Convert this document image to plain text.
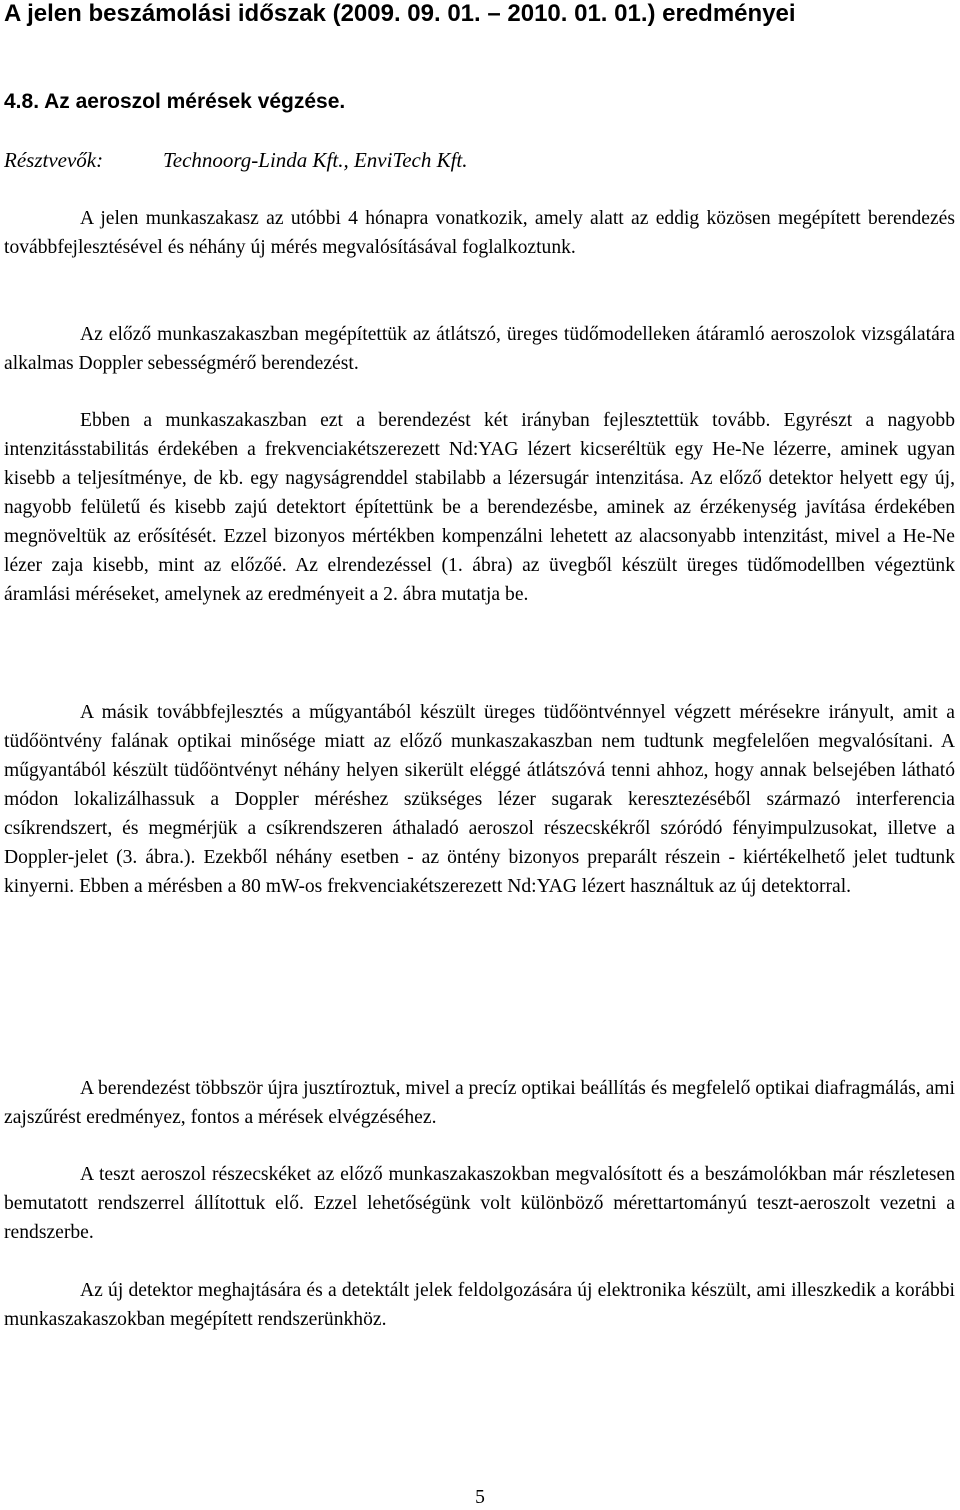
A jelen beszámolási időszak (2009. 09. 01. – 2010. 01. 01.) eredményei
4.8. Az aeroszol mérések végzése.
Résztvevők:	Technoorg-Linda Kft., EnviTech Kft.

A jelen munkaszakasz az utóbbi 4 hónapra vonatkozik, amely alatt az eddig közösen megépített berendezés továbbfejlesztésével és néhány új mérés megvalósításával foglalkoztunk.

Az előző munkaszakaszban megépítettük az átlátszó, üreges tüdőmodelleken átáramló aeroszolok vizsgálatára alkalmas Doppler sebességmérő berendezést.

Ebben a munkaszakaszban ezt a berendezést két irányban fejlesztettük tovább. Egyrészt a nagyobb intenzitásstabilitás érdekében a frekvenciakétszerezett Nd:YAG lézert kicseréltük egy He-Ne lézerre, aminek ugyan kisebb a teljesítménye, de kb. egy nagyságrenddel stabilabb a lézersugár intenzitása. Az előző detektor helyett egy új, nagyobb felületű és kisebb zajú detektort építettünk be a berendezésbe, aminek az érzékenység javítása érdekében megnöveltük az erősítését. Ezzel bizonyos mértékben kompenzálni lehetett az alacsonyabb intenzitást, mivel a He-Ne lézer zaja kisebb, mint az előzőé. Az elrendezéssel (1. ábra) az üvegből készült üreges tüdőmodellben végeztünk áramlási méréseket, amelynek az eredményeit a 2. ábra mutatja be.

A másik továbbfejlesztés a műgyantából készült üreges tüdőöntvénnyel végzett mérésekre irányult, amit a tüdőöntvény falának optikai minősége miatt az előző munkaszakaszban nem tudtunk megfelelően megvalósítani. A műgyantából készült tüdőöntvényt néhány helyen sikerült eléggé átlátszóvá tenni ahhoz, hogy annak belsejében látható módon lokalizálhassuk a Doppler méréshez szükséges lézer sugarak keresztezéséből származó interferencia csíkrendszert, és megmérjük a csíkrendszeren áthaladó aeroszol részecskékről szóródó fényimpulzusokat, illetve a Doppler-jelet (3. ábra.). Ezekből néhány esetben - az öntény bizonyos preparált részein - kiértékelhető jelet tudtunk kinyerni. Ebben a mérésben a 80 mW-os frekvenciakétszerezett Nd:YAG lézert használtuk az új detektorral.

A berendezést többször újra jusztíroztuk, mivel a precíz optikai beállítás és megfelelő optikai diafragmálás, ami zajszűrést eredményez, fontos a mérések elvégzéséhez.

A teszt aeroszol részecskéket az előző munkaszakaszokban megvalósított és a beszámolókban már részletesen bemutatott rendszerrel állítottuk elő. Ezzel lehetőségünk volt különböző mérettartományú teszt-aeroszolt vezetni a rendszerbe.

Az új detektor meghajtására és a detektált jelek feldolgozására új elektronika készült, ami illeszkedik a korábbi munkaszakaszokban megépített rendszerünkhöz.

5
